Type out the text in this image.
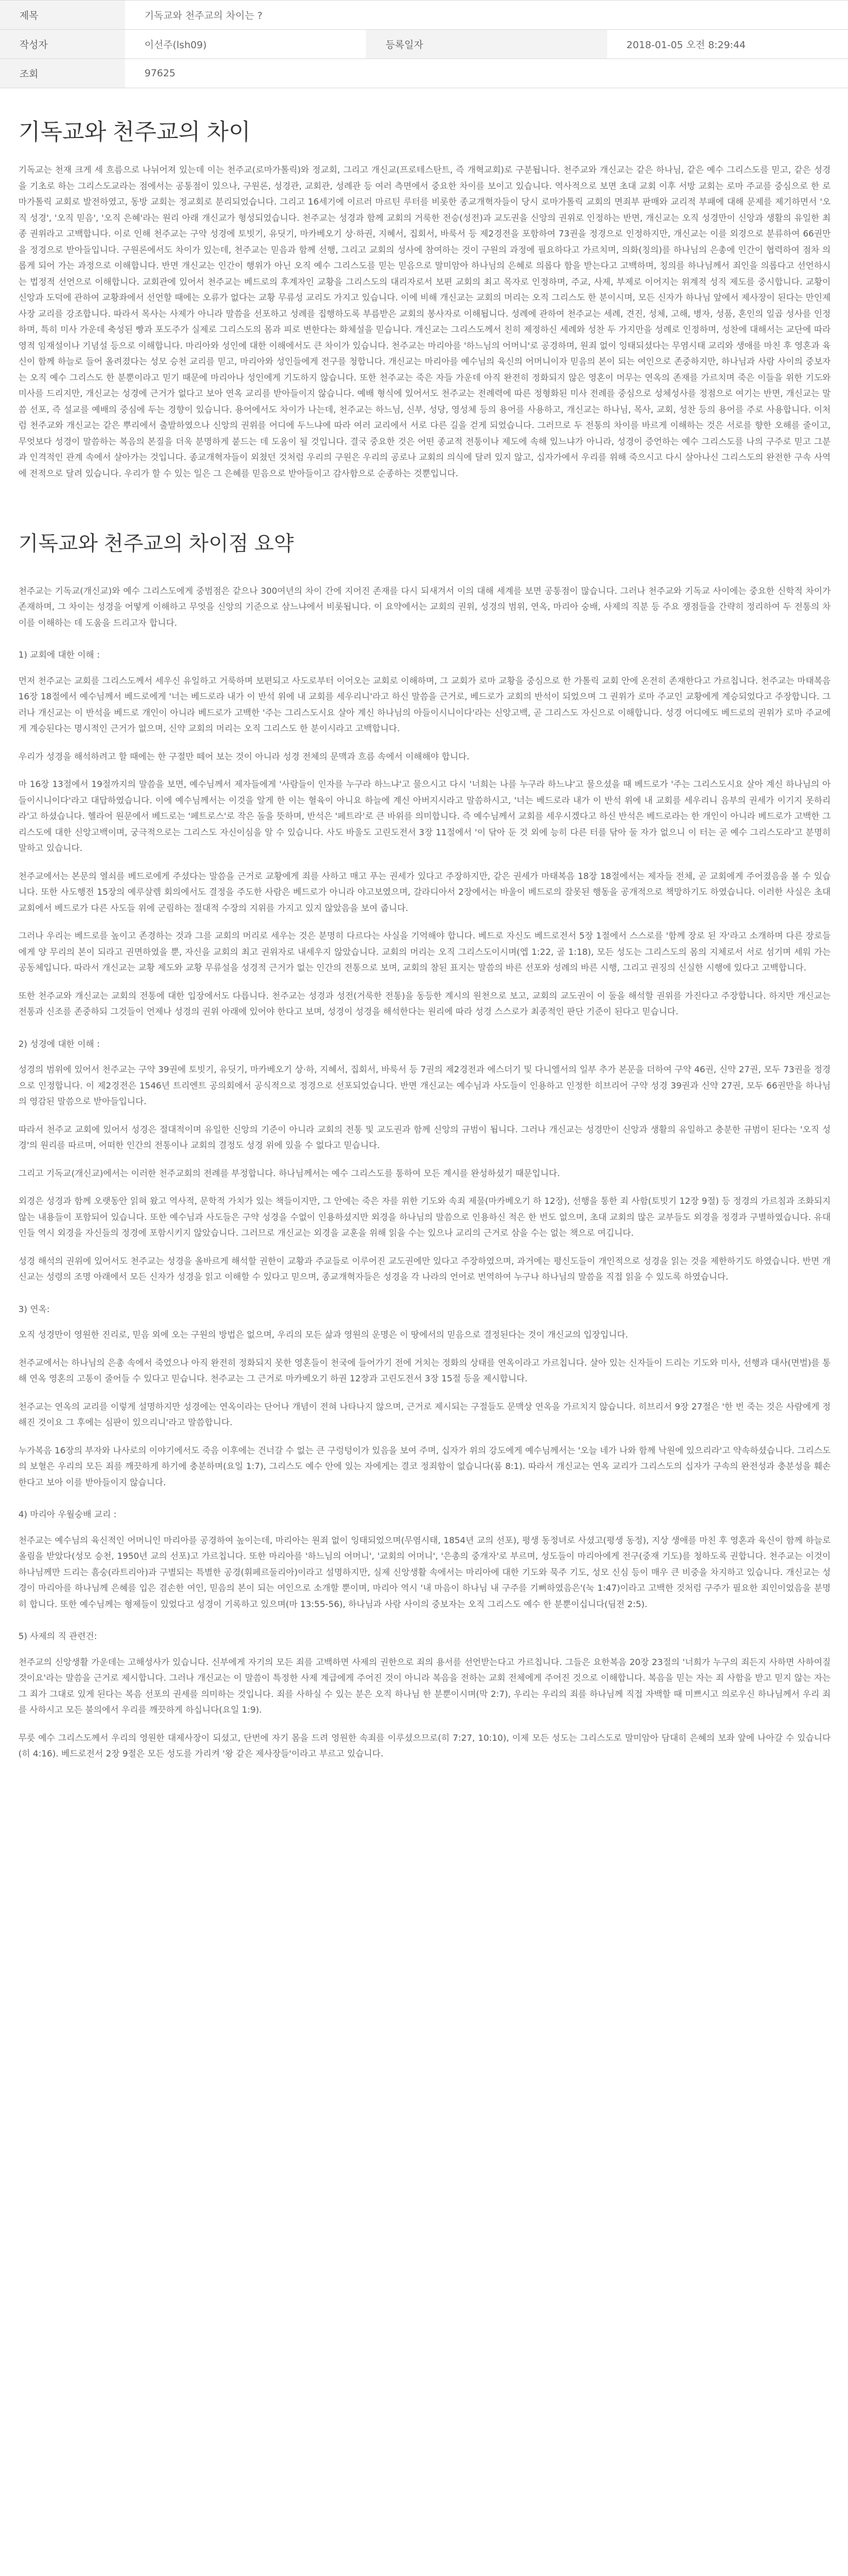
제목	기독교와 천주교의 차이는 ?		
작성자	이선주(lsh09)	등록일자	2018-01-05 오전 8:29:44
조회	97625		
기독교와 천주교의 차이

기독교는 천재 크게 세 흐름으로 나뉘어져 있는데 이는 천주교(로마가톨릭)와 정교회, 그리고 개신교(프로테스탄트, 즉 개혁교회)로 구분됩니다. 천주교와 개신교는 같은 하나님, 같은 예수 그리스도를 믿고, 같은 성경을 기초로 하는 그리스도교라는 점에서는 공통점이 있으나, 구원론, 성경관, 교회관, 성례관 등 여러 측면에서 중요한 차이를 보이고 있습니다. 역사적으로 보면 초대 교회 이후 서방 교회는 로마 주교를 중심으로 한 로마가톨릭 교회로 발전하였고, 동방 교회는 정교회로 분리되었습니다. 그리고 16세기에 이르러 마르틴 루터를 비롯한 종교개혁자들이 당시 로마가톨릭 교회의 면죄부 판매와 교리적 부패에 대해 문제를 제기하면서 '오직 성경', '오직 믿음', '오직 은혜'라는 원리 아래 개신교가 형성되었습니다. 천주교는 성경과 함께 교회의 거룩한 전승(성전)과 교도권을 신앙의 권위로 인정하는 반면, 개신교는 오직 성경만이 신앙과 생활의 유일한 최종 권위라고 고백합니다. 이로 인해 천주교는 구약 성경에 토빗기, 유딧기, 마카베오기 상·하권, 지혜서, 집회서, 바룩서 등 제2경전을 포함하여 73권을 정경으로 인정하지만, 개신교는 이를 외경으로 분류하여 66권만을 정경으로 받아들입니다. 구원론에서도 차이가 있는데, 천주교는 믿음과 함께 선행, 그리고 교회의 성사에 참여하는 것이 구원의 과정에 필요하다고 가르치며, 의화(칭의)를 하나님의 은총에 인간이 협력하여 점차 의롭게 되어 가는 과정으로 이해합니다. 반면 개신교는 인간이 행위가 아닌 오직 예수 그리스도를 믿는 믿음으로 말미암아 하나님의 은혜로 의롭다 함을 받는다고 고백하며, 칭의를 하나님께서 죄인을 의롭다고 선언하시는 법정적 선언으로 이해합니다. 교회관에 있어서 천주교는 베드로의 후계자인 교황을 그리스도의 대리자로서 보편 교회의 최고 목자로 인정하며, 주교, 사제, 부제로 이어지는 위계적 성직 제도를 중시합니다. 교황이 신앙과 도덕에 관하여 교황좌에서 선언할 때에는 오류가 없다는 교황 무류성 교리도 가지고 있습니다. 이에 비해 개신교는 교회의 머리는 오직 그리스도 한 분이시며, 모든 신자가 하나님 앞에서 제사장이 된다는 만인제사장 교리를 강조합니다. 따라서 목사는 사제가 아니라 말씀을 선포하고 성례를 집행하도록 부름받은 교회의 봉사자로 이해됩니다. 성례에 관하여 천주교는 세례, 견진, 성체, 고해, 병자, 성품, 혼인의 일곱 성사를 인정하며, 특히 미사 가운데 축성된 빵과 포도주가 실제로 그리스도의 몸과 피로 변한다는 화체설을 믿습니다. 개신교는 그리스도께서 친히 제정하신 세례와 성찬 두 가지만을 성례로 인정하며, 성찬에 대해서는 교단에 따라 영적 임재설이나 기념설 등으로 이해합니다. 마리아와 성인에 대한 이해에서도 큰 차이가 있습니다. 천주교는 마리아를 '하느님의 어머니'로 공경하며, 원죄 없이 잉태되셨다는 무염시태 교리와 생애를 마친 후 영혼과 육신이 함께 하늘로 들어 올려졌다는 성모 승천 교리를 믿고, 마리아와 성인들에게 전구를 청합니다. 개신교는 마리아를 예수님의 육신의 어머니이자 믿음의 본이 되는 여인으로 존중하지만, 하나님과 사람 사이의 중보자는 오직 예수 그리스도 한 분뿐이라고 믿기 때문에 마리아나 성인에게 기도하지 않습니다. 또한 천주교는 죽은 자들 가운데 아직 완전히 정화되지 않은 영혼이 머무는 연옥의 존재를 가르치며 죽은 이들을 위한 기도와 미사를 드리지만, 개신교는 성경에 근거가 없다고 보아 연옥 교리를 받아들이지 않습니다. 예배 형식에 있어서도 천주교는 전례력에 따른 정형화된 미사 전례를 중심으로 성체성사를 정점으로 여기는 반면, 개신교는 말씀 선포, 즉 설교를 예배의 중심에 두는 경향이 있습니다. 용어에서도 차이가 나는데, 천주교는 하느님, 신부, 성당, 영성체 등의 용어를 사용하고, 개신교는 하나님, 목사, 교회, 성찬 등의 용어를 주로 사용합니다. 이처럼 천주교와 개신교는 같은 뿌리에서 출발하였으나 신앙의 권위를 어디에 두느냐에 따라 여러 교리에서 서로 다른 길을 걷게 되었습니다. 그러므로 두 전통의 차이를 바르게 이해하는 것은 서로를 향한 오해를 줄이고, 무엇보다 성경이 말씀하는 복음의 본질을 더욱 분명하게 붙드는 데 도움이 될 것입니다. 결국 중요한 것은 어떤 종교적 전통이나 제도에 속해 있느냐가 아니라, 성경이 증언하는 예수 그리스도를 나의 구주로 믿고 그분과 인격적인 관계 속에서 살아가는 것입니다. 종교개혁자들이 외쳤던 것처럼 우리의 구원은 우리의 공로나 교회의 의식에 달려 있지 않고, 십자가에서 우리를 위해 죽으시고 다시 살아나신 그리스도의 완전한 구속 사역에 전적으로 달려 있습니다. 우리가 할 수 있는 일은 그 은혜를 믿음으로 받아들이고 감사함으로 순종하는 것뿐입니다.

기독교와 천주교의 차이점 요약

천주교는 기독교(개신교)와 예수 그리스도에게 중범점은 같으나 300여년의 차이 간에 지어진 존재를 다시 되새겨서 이의 대해 세계를 보면 공통점이 많습니다. 그러나 천주교와 기독교 사이에는 중요한 신학적 차이가 존재하며, 그 차이는 성경을 어떻게 이해하고 무엇을 신앙의 기준으로 삼느냐에서 비롯됩니다. 이 요약에서는 교회의 권위, 성경의 범위, 연옥, 마리아 숭배, 사제의 직분 등 주요 쟁점들을 간략히 정리하여 두 전통의 차이를 이해하는 데 도움을 드리고자 합니다.

1) 교회에 대한 이해 :

먼저 천주교는 교회를 그리스도께서 세우신 유일하고 거룩하며 보편되고 사도로부터 이어오는 교회로 이해하며, 그 교회가 로마 교황을 중심으로 한 가톨릭 교회 안에 온전히 존재한다고 가르칩니다. 천주교는 마태복음 16장 18절에서 예수님께서 베드로에게 '너는 베드로라 내가 이 반석 위에 내 교회를 세우리니'라고 하신 말씀을 근거로, 베드로가 교회의 반석이 되었으며 그 권위가 로마 주교인 교황에게 계승되었다고 주장합니다. 그러나 개신교는 이 반석을 베드로 개인이 아니라 베드로가 고백한 '주는 그리스도시요 살아 계신 하나님의 아들이시니이다'라는 신앙고백, 곧 그리스도 자신으로 이해합니다. 성경 어디에도 베드로의 권위가 로마 주교에게 계승된다는 명시적인 근거가 없으며, 신약 교회의 머리는 오직 그리스도 한 분이시라고 고백합니다.

우리가 성경을 해석하려고 할 때에는 한 구절만 떼어 보는 것이 아니라 성경 전체의 문맥과 흐름 속에서 이해해야 합니다.

마 16장 13절에서 19절까지의 말씀을 보면, 예수님께서 제자들에게 '사람들이 인자를 누구라 하느냐'고 물으시고 다시 '너희는 나를 누구라 하느냐'고 물으셨을 때 베드로가 '주는 그리스도시요 살아 계신 하나님의 아들이시니이다'라고 대답하였습니다. 이에 예수님께서는 이것을 알게 한 이는 혈육이 아니요 하늘에 계신 아버지시라고 말씀하시고, '너는 베드로라 내가 이 반석 위에 내 교회를 세우리니 음부의 권세가 이기지 못하리라'고 하셨습니다. 헬라어 원문에서 베드로는 '페트로스'로 작은 돌을 뜻하며, 반석은 '페트라'로 큰 바위를 의미합니다. 즉 예수님께서 교회를 세우시겠다고 하신 반석은 베드로라는 한 개인이 아니라 베드로가 고백한 그리스도에 대한 신앙고백이며, 궁극적으로는 그리스도 자신이심을 알 수 있습니다. 사도 바울도 고린도전서 3장 11절에서 '이 닦아 둔 것 외에 능히 다른 터를 닦아 둘 자가 없으니 이 터는 곧 예수 그리스도라'고 분명히 말하고 있습니다.

천주교에서는 본문의 열쇠를 베드로에게 주셨다는 말씀을 근거로 교황에게 죄를 사하고 매고 푸는 권세가 있다고 주장하지만, 같은 권세가 마태복음 18장 18절에서는 제자들 전체, 곧 교회에게 주어졌음을 볼 수 있습니다. 또한 사도행전 15장의 예루살렘 회의에서도 결정을 주도한 사람은 베드로가 아니라 야고보였으며, 갈라디아서 2장에서는 바울이 베드로의 잘못된 행동을 공개적으로 책망하기도 하였습니다. 이러한 사실은 초대 교회에서 베드로가 다른 사도들 위에 군림하는 절대적 수장의 지위를 가지고 있지 않았음을 보여 줍니다.

그러나 우리는 베드로를 높이고 존경하는 것과 그를 교회의 머리로 세우는 것은 분명히 다르다는 사실을 기억해야 합니다. 베드로 자신도 베드로전서 5장 1절에서 스스로를 '함께 장로 된 자'라고 소개하며 다른 장로들에게 양 무리의 본이 되라고 권면하였을 뿐, 자신을 교회의 최고 권위자로 내세우지 않았습니다. 교회의 머리는 오직 그리스도이시며(엡 1:22, 골 1:18), 모든 성도는 그리스도의 몸의 지체로서 서로 섬기며 세워 가는 공동체입니다. 따라서 개신교는 교황 제도와 교황 무류설을 성경적 근거가 없는 인간의 전통으로 보며, 교회의 참된 표지는 말씀의 바른 선포와 성례의 바른 시행, 그리고 권징의 신실한 시행에 있다고 고백합니다.

또한 천주교와 개신교는 교회의 전통에 대한 입장에서도 다릅니다. 천주교는 성경과 성전(거룩한 전통)을 동등한 계시의 원천으로 보고, 교회의 교도권이 이 둘을 해석할 권위를 가진다고 주장합니다. 하지만 개신교는 전통과 신조를 존중하되 그것들이 언제나 성경의 권위 아래에 있어야 한다고 보며, 성경이 성경을 해석한다는 원리에 따라 성경 스스로가 최종적인 판단 기준이 된다고 믿습니다.

2) 성경에 대한 이해 :

성경의 범위에 있어서 천주교는 구약 39권에 토빗기, 유딧기, 마카베오기 상·하, 지혜서, 집회서, 바룩서 등 7권의 제2경전과 에스더기 및 다니엘서의 일부 추가 본문을 더하여 구약 46권, 신약 27권, 모두 73권을 정경으로 인정합니다. 이 제2경전은 1546년 트리엔트 공의회에서 공식적으로 정경으로 선포되었습니다. 반면 개신교는 예수님과 사도들이 인용하고 인정한 히브리어 구약 성경 39권과 신약 27권, 모두 66권만을 하나님의 영감된 말씀으로 받아들입니다.

따라서 천주교 교회에 있어서 성경은 절대적이며 유일한 신앙의 기준이 아니라 교회의 전통 및 교도권과 함께 신앙의 규범이 됩니다. 그러나 개신교는 성경만이 신앙과 생활의 유일하고 충분한 규범이 된다는 '오직 성경'의 원리를 따르며, 어떠한 인간의 전통이나 교회의 결정도 성경 위에 있을 수 없다고 믿습니다.

그리고 기독교(개신교)에서는 이러한 천주교회의 전례를 부정합니다. 하나님께서는 예수 그리스도를 통하여 모든 계시를 완성하셨기 때문입니다.

외경은 성경과 함께 오랫동안 읽혀 왔고 역사적, 문학적 가치가 있는 책들이지만, 그 안에는 죽은 자를 위한 기도와 속죄 제물(마카베오기 하 12장), 선행을 통한 죄 사함(토빗기 12장 9절) 등 정경의 가르침과 조화되지 않는 내용들이 포함되어 있습니다. 또한 예수님과 사도들은 구약 성경을 수없이 인용하셨지만 외경을 하나님의 말씀으로 인용하신 적은 한 번도 없으며, 초대 교회의 많은 교부들도 외경을 정경과 구별하였습니다. 유대인들 역시 외경을 자신들의 정경에 포함시키지 않았습니다. 그러므로 개신교는 외경을 교훈을 위해 읽을 수는 있으나 교리의 근거로 삼을 수는 없는 책으로 여깁니다.

성경 해석의 권위에 있어서도 천주교는 성경을 올바르게 해석할 권한이 교황과 주교들로 이루어진 교도권에만 있다고 주장하였으며, 과거에는 평신도들이 개인적으로 성경을 읽는 것을 제한하기도 하였습니다. 반면 개신교는 성령의 조명 아래에서 모든 신자가 성경을 읽고 이해할 수 있다고 믿으며, 종교개혁자들은 성경을 각 나라의 언어로 번역하여 누구나 하나님의 말씀을 직접 읽을 수 있도록 하였습니다.

3) 연옥:

오직 성경만이 영원한 진리로, 믿음 외에 오는 구원의 방법은 없으며, 우리의 모든 삶과 영원의 운명은 이 땅에서의 믿음으로 결정된다는 것이 개신교의 입장입니다.

천주교에서는 하나님의 은총 속에서 죽었으나 아직 완전히 정화되지 못한 영혼들이 천국에 들어가기 전에 거치는 정화의 상태를 연옥이라고 가르칩니다. 살아 있는 신자들이 드리는 기도와 미사, 선행과 대사(면벌)를 통해 연옥 영혼의 고통이 줄어들 수 있다고 믿습니다. 천주교는 그 근거로 마카베오기 하권 12장과 고린도전서 3장 15절 등을 제시합니다.

천주교는 연옥의 교리를 이렇게 설명하지만 성경에는 연옥이라는 단어나 개념이 전혀 나타나지 않으며, 근거로 제시되는 구절들도 문맥상 연옥을 가르치지 않습니다. 히브리서 9장 27절은 '한 번 죽는 것은 사람에게 정해진 것이요 그 후에는 심판이 있으리니'라고 말씀합니다.

누가복음 16장의 부자와 나사로의 이야기에서도 죽음 이후에는 건너갈 수 없는 큰 구렁텅이가 있음을 보여 주며, 십자가 위의 강도에게 예수님께서는 '오늘 네가 나와 함께 낙원에 있으리라'고 약속하셨습니다. 그리스도의 보혈은 우리의 모든 죄를 깨끗하게 하기에 충분하며(요일 1:7), 그리스도 예수 안에 있는 자에게는 결코 정죄함이 없습니다(롬 8:1). 따라서 개신교는 연옥 교리가 그리스도의 십자가 구속의 완전성과 충분성을 훼손한다고 보아 이를 받아들이지 않습니다.

4) 마리아 우월숭배 교리 :

천주교는 예수님의 육신적인 어머니인 마리아를 공경하여 높이는데, 마리아는 원죄 없이 잉태되었으며(무염시태, 1854년 교의 선포), 평생 동정녀로 사셨고(평생 동정), 지상 생애를 마친 후 영혼과 육신이 함께 하늘로 올림을 받았다(성모 승천, 1950년 교의 선포)고 가르칩니다. 또한 마리아를 '하느님의 어머니', '교회의 어머니', '은총의 중개자'로 부르며, 성도들이 마리아에게 전구(중재 기도)를 청하도록 권합니다. 천주교는 이것이 하나님께만 드리는 흠숭(라트리아)과 구별되는 특별한 공경(휘페르둘리아)이라고 설명하지만, 실제 신앙생활 속에서는 마리아에 대한 기도와 묵주 기도, 성모 신심 등이 매우 큰 비중을 차지하고 있습니다. 개신교는 성경이 마리아를 하나님께 은혜를 입은 겸손한 여인, 믿음의 본이 되는 여인으로 소개할 뿐이며, 마리아 역시 '내 마음이 하나님 내 구주를 기뻐하였음은'(눅 1:47)이라고 고백한 것처럼 구주가 필요한 죄인이었음을 분명히 합니다. 또한 예수님께는 형제들이 있었다고 성경이 기록하고 있으며(마 13:55-56), 하나님과 사람 사이의 중보자는 오직 그리스도 예수 한 분뿐이십니다(딤전 2:5).

5) 사제의 직 관련건:

천주교의 신앙생활 가운데는 고해성사가 있습니다. 신부에게 자기의 모든 죄를 고백하면 사제의 권한으로 죄의 용서를 선언받는다고 가르칩니다. 그들은 요한복음 20장 23절의 '너희가 누구의 죄든지 사하면 사하여질 것이요'라는 말씀을 근거로 제시합니다. 그러나 개신교는 이 말씀이 특정한 사제 계급에게 주어진 것이 아니라 복음을 전하는 교회 전체에게 주어진 것으로 이해합니다. 복음을 믿는 자는 죄 사함을 받고 믿지 않는 자는 그 죄가 그대로 있게 된다는 복음 선포의 권세를 의미하는 것입니다. 죄를 사하실 수 있는 분은 오직 하나님 한 분뿐이시며(막 2:7), 우리는 우리의 죄를 하나님께 직접 자백할 때 미쁘시고 의로우신 하나님께서 우리 죄를 사하시고 모든 불의에서 우리를 깨끗하게 하십니다(요일 1:9).

무릇 예수 그리스도께서 우리의 영원한 대제사장이 되셨고, 단번에 자기 몸을 드려 영원한 속죄를 이루셨으므로(히 7:27, 10:10), 이제 모든 성도는 그리스도로 말미암아 담대히 은혜의 보좌 앞에 나아갈 수 있습니다(히 4:16). 베드로전서 2장 9절은 모든 성도를 가리켜 '왕 같은 제사장들'이라고 부르고 있습니다.
